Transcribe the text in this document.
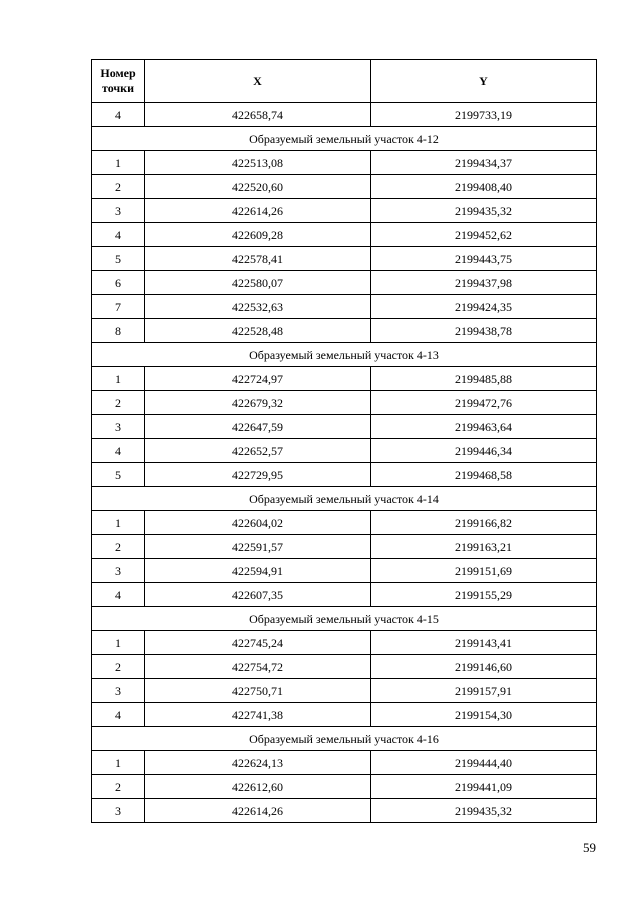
Номер
точки	X	Y
4	422658,74	2199733,19
Образуемый земельный участок 4-12		
1	422513,08	2199434,37
2	422520,60	2199408,40
3	422614,26	2199435,32
4	422609,28	2199452,62
5	422578,41	2199443,75
6	422580,07	2199437,98
7	422532,63	2199424,35
8	422528,48	2199438,78
Образуемый земельный участок 4-13		
1	422724,97	2199485,88
2	422679,32	2199472,76
3	422647,59	2199463,64
4	422652,57	2199446,34
5	422729,95	2199468,58
Образуемый земельный участок 4-14		
1	422604,02	2199166,82
2	422591,57	2199163,21
3	422594,91	2199151,69
4	422607,35	2199155,29
Образуемый земельный участок 4-15		
1	422745,24	2199143,41
2	422754,72	2199146,60
3	422750,71	2199157,91
4	422741,38	2199154,30
Образуемый земельный участок 4-16		
1	422624,13	2199444,40
2	422612,60	2199441,09
3	422614,26	2199435,32
59
